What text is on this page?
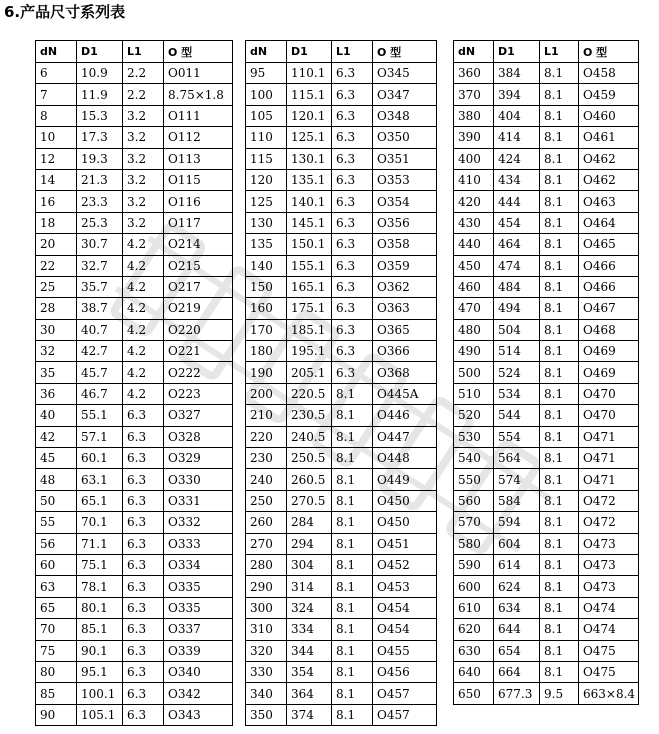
6.产品尺寸系列表
dN	D1	L1	O 型
6	10.9	2.2	O011
7	11.9	2.2	8.75×1.8
8	15.3	3.2	O111
10	17.3	3.2	O112
12	19.3	3.2	O113
14	21.3	3.2	O115
16	23.3	3.2	O116
18	25.3	3.2	O117
20	30.7	4.2	O214
22	32.7	4.2	O215
25	35.7	4.2	O217
28	38.7	4.2	O219
30	40.7	4.2	O220
32	42.7	4.2	O221
35	45.7	4.2	O222
36	46.7	4.2	O223
40	55.1	6.3	O327
42	57.1	6.3	O328
45	60.1	6.3	O329
48	63.1	6.3	O330
50	65.1	6.3	O331
55	70.1	6.3	O332
56	71.1	6.3	O333
60	75.1	6.3	O334
63	78.1	6.3	O335
65	80.1	6.3	O335
70	85.1	6.3	O337
75	90.1	6.3	O339
80	95.1	6.3	O340
85	100.1	6.3	O342
90	105.1	6.3	O343
dN	D1	L1	O 型
95	110.1	6.3	O345
100	115.1	6.3	O347
105	120.1	6.3	O348
110	125.1	6.3	O350
115	130.1	6.3	O351
120	135.1	6.3	O353
125	140.1	6.3	O354
130	145.1	6.3	O356
135	150.1	6.3	O358
140	155.1	6.3	O359
150	165.1	6.3	O362
160	175.1	6.3	O363
170	185.1	6.3	O365
180	195.1	6.3	O366
190	205.1	6.3	O368
200	220.5	8.1	O445A
210	230.5	8.1	O446
220	240.5	8.1	O447
230	250.5	8.1	O448
240	260.5	8.1	O449
250	270.5	8.1	O450
260	284	8.1	O450
270	294	8.1	O451
280	304	8.1	O452
290	314	8.1	O453
300	324	8.1	O454
310	334	8.1	O454
320	344	8.1	O455
330	354	8.1	O456
340	364	8.1	O457
350	374	8.1	O457
dN	D1	L1	O 型
360	384	8.1	O458
370	394	8.1	O459
380	404	8.1	O460
390	414	8.1	O461
400	424	8.1	O462
410	434	8.1	O462
420	444	8.1	O463
430	454	8.1	O464
440	464	8.1	O465
450	474	8.1	O466
460	484	8.1	O466
470	494	8.1	O467
480	504	8.1	O468
490	514	8.1	O469
500	524	8.1	O469
510	534	8.1	O470
520	544	8.1	O470
530	554	8.1	O471
540	564	8.1	O471
550	574	8.1	O471
560	584	8.1	O472
570	594	8.1	O472
580	604	8.1	O473
590	614	8.1	O473
600	624	8.1	O473
610	634	8.1	O474
620	644	8.1	O474
630	654	8.1	O475
640	664	8.1	O475
650	677.3	9.5	663×8.4
